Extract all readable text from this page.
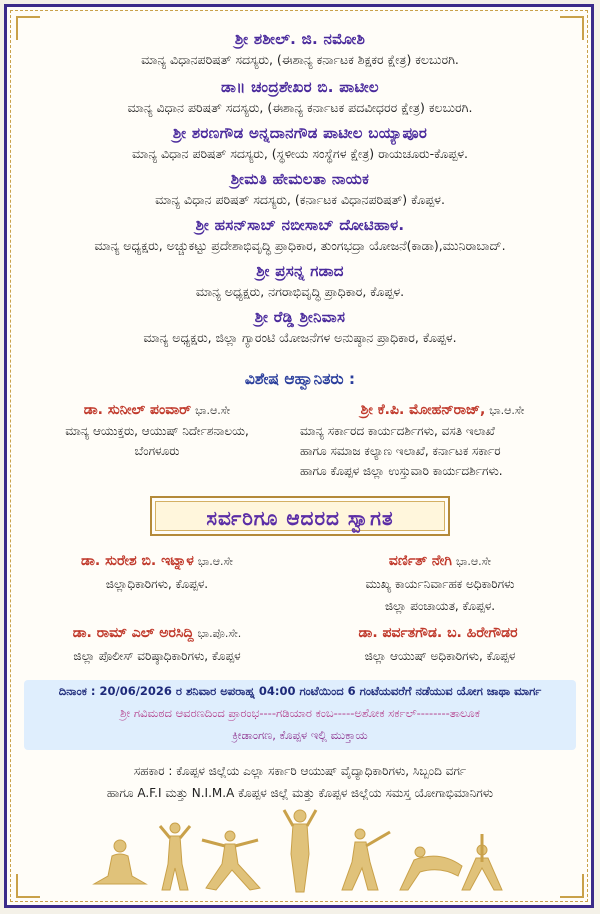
ಶ್ರೀ ಶಶೀಲ್. ಜಿ. ನಮೋಶಿ
ಮಾನ್ಯ ವಿಧಾನಪರಿಷತ್ ಸದಸ್ಯರು, (ಈಶಾನ್ಯ ಕರ್ನಾಟಕ ಶಿಕ್ಷಕರ ಕ್ಷೇತ್ರ) ಕಲಬುರಗಿ.
ಡಾ॥ ಚಂದ್ರಶೇಖರ ಬಿ. ಪಾಟೀಲ
ಮಾನ್ಯ ವಿಧಾನ ಪರಿಷತ್ ಸದಸ್ಯರು, (ಈಶಾನ್ಯ ಕರ್ನಾಟಕ ಪದವೀಧರರ ಕ್ಷೇತ್ರ) ಕಲಬುರಗಿ.
ಶ್ರೀ ಶರಣಗೌಡ ಅನ್ನದಾನಗೌಡ ಪಾಟೀಲ ಬಯ್ಯಾಪೂರ
ಮಾನ್ಯ ವಿಧಾನ ಪರಿಷತ್ ಸದಸ್ಯರು, (ಸ್ಥಳೀಯ ಸಂಸ್ಥೆಗಳ ಕ್ಷೇತ್ರ) ರಾಯಚೂರು-ಕೊಪ್ಪಳ.
ಶ್ರೀಮತಿ ಹೇಮಲತಾ ನಾಯಕ
ಮಾನ್ಯ ವಿಧಾನ ಪರಿಷತ್ ಸದಸ್ಯರು, (ಕರ್ನಾಟಕ ವಿಧಾನಪರಿಷತ್) ಕೊಪ್ಪಳ.
ಶ್ರೀ ಹಸನ್‌ಸಾಬ್ ನಬೀಸಾಬ್ ದೋಟಿಹಾಳ.
ಮಾನ್ಯ ಅಧ್ಯಕ್ಷರು, ಅಚ್ಚುಕಟ್ಟು ಪ್ರದೇಶಾಭಿವೃದ್ಧಿ ಪ್ರಾಧಿಕಾರ, ತುಂಗಭದ್ರಾ ಯೋಜನೆ(ಕಾಡಾ),ಮುನಿರಾಬಾದ್.
ಶ್ರೀ ಪ್ರಸನ್ನ ಗಡಾದ
ಮಾನ್ಯ ಅಧ್ಯಕ್ಷರು, ನಗರಾಭಿವೃದ್ಧಿ ಪ್ರಾಧಿಕಾರ, ಕೊಪ್ಪಳ.
ಶ್ರೀ ರೆಡ್ಡಿ ಶ್ರೀನಿವಾಸ
ಮಾನ್ಯ ಅಧ್ಯಕ್ಷರು, ಜಿಲ್ಲಾ ಗ್ಯಾರಂಟಿ ಯೋಜನೆಗಳ ಅನುಷ್ಠಾನ ಪ್ರಾಧಿಕಾರ, ಕೊಪ್ಪಳ.
ವಿಶೇಷ ಆಹ್ವಾನಿತರು :
ಡಾ. ಸುನೀಲ್ ಪಂವಾರ್ ಭಾ.ಆ.ಸೇ
ಮಾನ್ಯ ಆಯುಕ್ತರು, ಆಯುಷ್ ನಿರ್ದೇಶನಾಲಯ,
ಬೆಂಗಳೂರು
ಶ್ರೀ ಕೆ.ಪಿ. ಮೋಹನ್‌ರಾಜ್, ಭಾ.ಆ.ಸೇ
ಮಾನ್ಯ ಸರ್ಕಾರದ ಕಾರ್ಯದರ್ಶಿಗಳು, ವಸತಿ ಇಲಾಖೆ
ಹಾಗೂ ಸಮಾಜ ಕಲ್ಯಾಣ ಇಲಾಖೆ, ಕರ್ನಾಟಕ ಸರ್ಕಾರ
ಹಾಗೂ ಕೊಪ್ಪಳ ಜಿಲ್ಲಾ ಉಸ್ತುವಾರಿ ಕಾರ್ಯದರ್ಶಿಗಳು.
ಸರ್ವರಿಗೂ ಆದರದ ಸ್ವಾಗತ
ಡಾ. ಸುರೇಶ ಬಿ. ಇಟ್ನಾಳ ಭಾ.ಆ.ಸೇ
ಜಿಲ್ಲಾಧಿಕಾರಿಗಳು, ಕೊಪ್ಪಳ.
ವರ್ಣಿತ್ ನೇಗಿ ಭಾ.ಆ.ಸೇ
ಮುಖ್ಯ ಕಾರ್ಯನಿರ್ವಾಹಕ ಅಧಿಕಾರಿಗಳು
ಜಿಲ್ಲಾ ಪಂಚಾಯತ, ಕೊಪ್ಪಳ.
ಡಾ. ರಾಮ್ ಎಲ್ ಅರಸಿದ್ದಿ ಭಾ.ಪೊ.ಸೇ.
ಜಿಲ್ಲಾ ಪೊಲೀಸ್ ವರಿಷ್ಠಾಧಿಕಾರಿಗಳು, ಕೊಪ್ಪಳ
ಡಾ. ಪರ್ವತಗೌಡ. ಬ. ಹಿರೇಗೌಡರ
ಜಿಲ್ಲಾ ಆಯುಷ್ ಅಧಿಕಾರಿಗಳು, ಕೊಪ್ಪಳ
ದಿನಾಂಕ : 20/06/2026 ರ ಶನಿವಾರ ಅಪರಾಹ್ನ 04:00 ಗಂಟೆಯಿಂದ 6 ಗಂಟೆಯವರೆಗೆ ನಡೆಯುವ ಯೋಗ ಜಾಥಾ ಮಾರ್ಗ
ಶ್ರೀ ಗವಿಮಠದ ಆವರಣದಿಂದ ಪ್ರಾರಂಭ----ಗಡಿಯಾರ ಕಂಬ-----ಅಶೋಕ ಸರ್ಕಲ್--------ತಾಲೂಕ
ಕ್ರೀಡಾಂಗಣ, ಕೊಪ್ಪಳ ಇಲ್ಲಿ ಮುಕ್ತಾಯ
ಸಹಕಾರ : ಕೊಪ್ಪಳ ಜಿಲ್ಲೆಯ ಎಲ್ಲಾ ಸರ್ಕಾರಿ ಆಯುಷ್ ವೈದ್ಯಾಧಿಕಾರಿಗಳು, ಸಿಬ್ಬಂದಿ ವರ್ಗ
ಹಾಗೂ A.F.I ಮತ್ತು N.I.M.A ಕೊಪ್ಪಳ ಜಿಲ್ಲೆ ಮತ್ತು ಕೊಪ್ಪಳ ಜಿಲ್ಲೆಯ ಸಮಸ್ತ ಯೋಗಾಭಿಮಾನಿಗಳು
